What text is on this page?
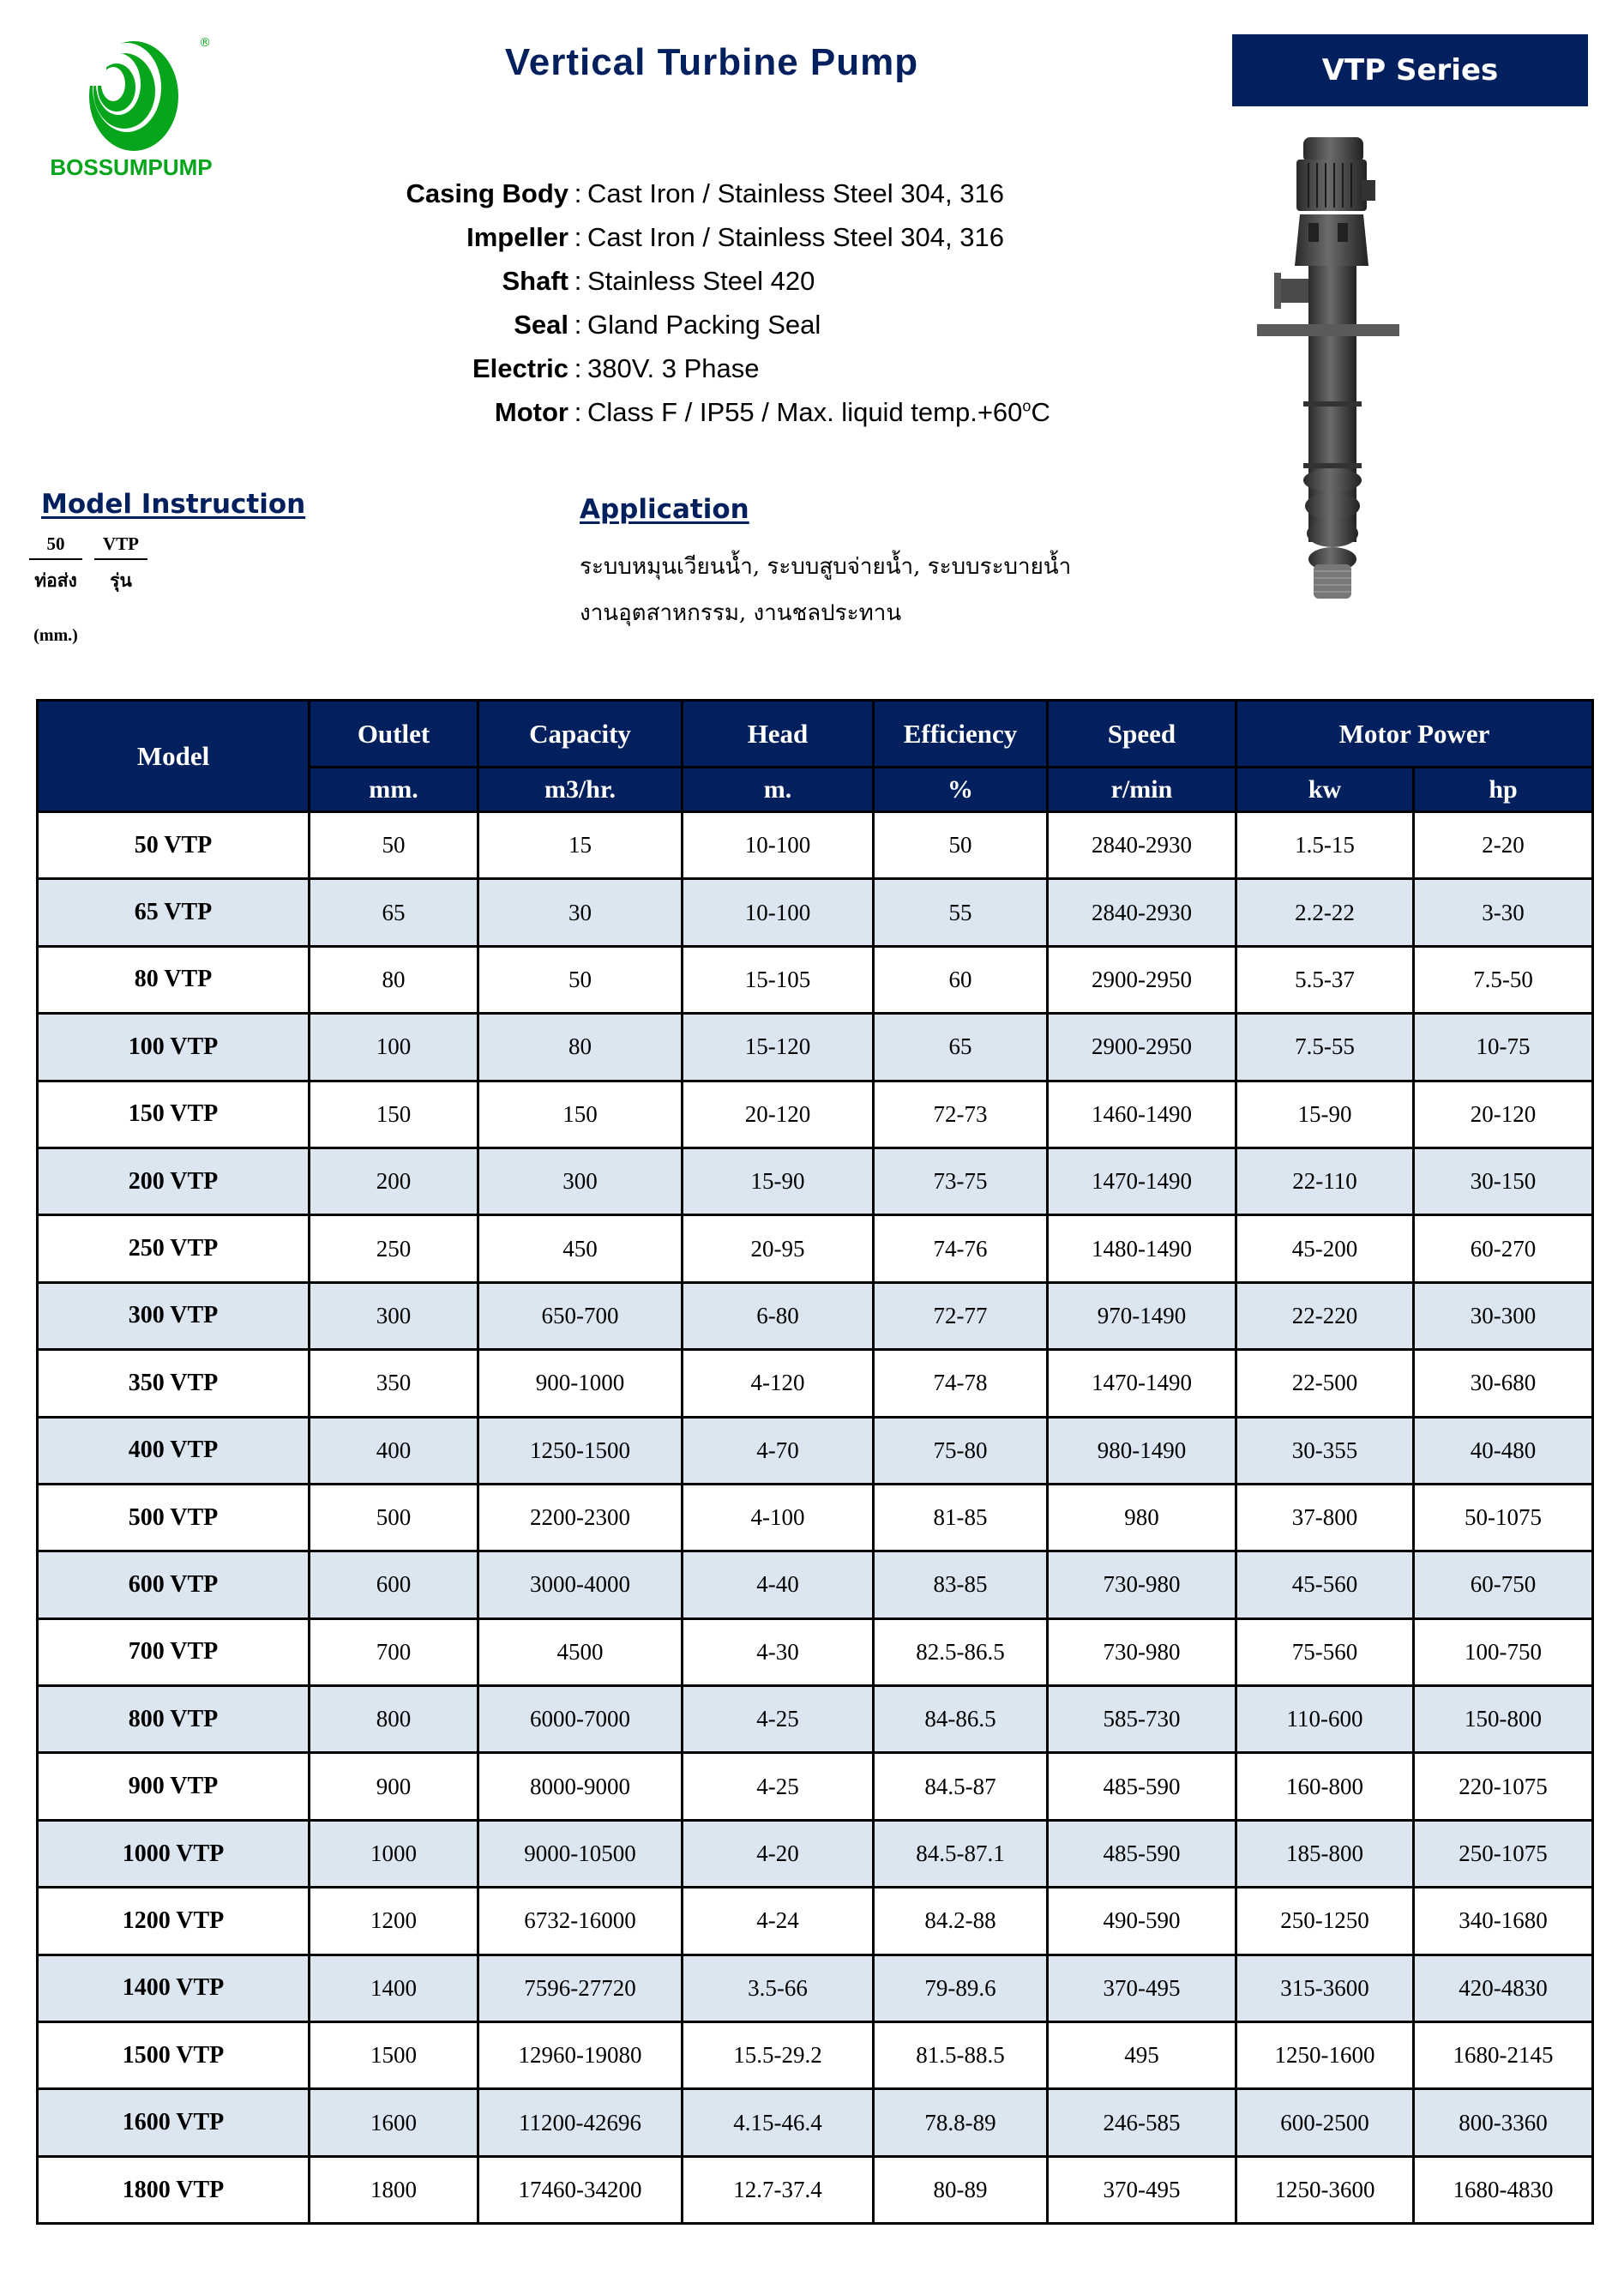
®
BOSSUMPUMP
Vertical Turbine Pump	VTP Series
Casing Body : Cast Iron / Stainless Steel 304, 316
Impeller : Cast Iron / Stainless Steel 304, 316
Shaft : Stainless Steel 420
Seal : Gland Packing Seal
Electric : 380V. 3 Phase
Motor : Class F / IP55 / Max. liquid $temp.+60^oC$
Model Instruction
50
ท่อส่ง
(mm.)
VTP
รุ่น
Application
ระบบหมุนเวียนน้ำ, ระบบสูบจ่ายน้ำ, ระบบระบายน้ำ
งานอุตสาหกรรม, งานชลประทาน
Model	Outlet	Capacity	Head	Efficiency	Speed	Motor Power	
	mm.	m3/hr.	m.	%	r/min	kw	hp
50 VTP	50	15	10-100	50	2840-2930	1.5-15	2-20
65 VTP	65	30	10-100	55	2840-2930	2.2-22	3-30
80 VTP	80	50	15-105	60	2900-2950	5.5-37	7.5-50
100 VTP	100	80	15-120	65	2900-2950	7.5-55	10-75
150 VTP	150	150	20-120	72-73	1460-1490	15-90	20-120
200 VTP	200	300	15-90	73-75	1470-1490	22-110	30-150
250 VTP	250	450	20-95	74-76	1480-1490	45-200	60-270
300 VTP	300	650-700	6-80	72-77	970-1490	22-220	30-300
350 VTP	350	900-1000	4-120	74-78	1470-1490	22-500	30-680
400 VTP	400	1250-1500	4-70	75-80	980-1490	30-355	40-480
500 VTP	500	2200-2300	4-100	81-85	980	37-800	50-1075
600 VTP	600	3000-4000	4-40	83-85	730-980	45-560	60-750
700 VTP	700	4500	4-30	82.5-86.5	730-980	75-560	100-750
800 VTP	800	6000-7000	4-25	84-86.5	585-730	110-600	150-800
900 VTP	900	8000-9000	4-25	84.5-87	485-590	160-800	220-1075
1000 VTP	1000	9000-10500	4-20	84.5-87.1	485-590	185-800	250-1075
1200 VTP	1200	6732-16000	4-24	84.2-88	490-590	250-1250	340-1680
1400 VTP	1400	7596-27720	3.5-66	79-89.6	370-495	315-3600	420-4830
1500 VTP	1500	12960-19080	15.5-29.2	81.5-88.5	495	1250-1600	1680-2145
1600 VTP	1600	11200-42696	4.15-46.4	78.8-89	246-585	600-2500	800-3360
1800 VTP	1800	17460-34200	12.7-37.4	80-89	370-495	1250-3600	1680-4830
